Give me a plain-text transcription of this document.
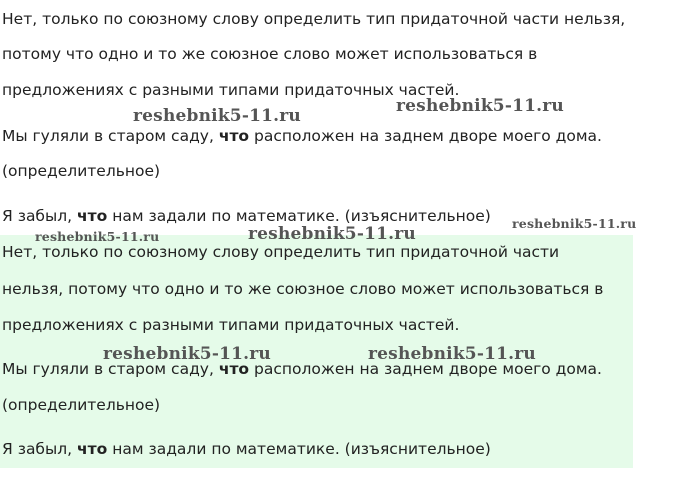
Нет, только по союзному слову определить тип придаточной части нельзя,
потому что одно и то же союзное слово может использоваться в
предложениях с разными типами придаточных частей.
Мы гуляли в старом саду, что расположен на заднем дворе моего дома.
(определительное)
Я забыл, что нам задали по математике. (изъяснительное)
Нет, только по союзному слову определить тип придаточной части
нельзя, потому что одно и то же союзное слово может использоваться в
предложениях с разными типами придаточных частей.
Мы гуляли в старом саду, что расположен на заднем дворе моего дома.
(определительное)
Я забыл, что нам задали по математике. (изъяснительное)
reshebnik5-11.ru	reshebnik5-11.ru
reshebnik5-11.ru
reshebnik5-11.ru	reshebnik5-11.ru
reshebnik5-11.ru	reshebnik5-11.ru
